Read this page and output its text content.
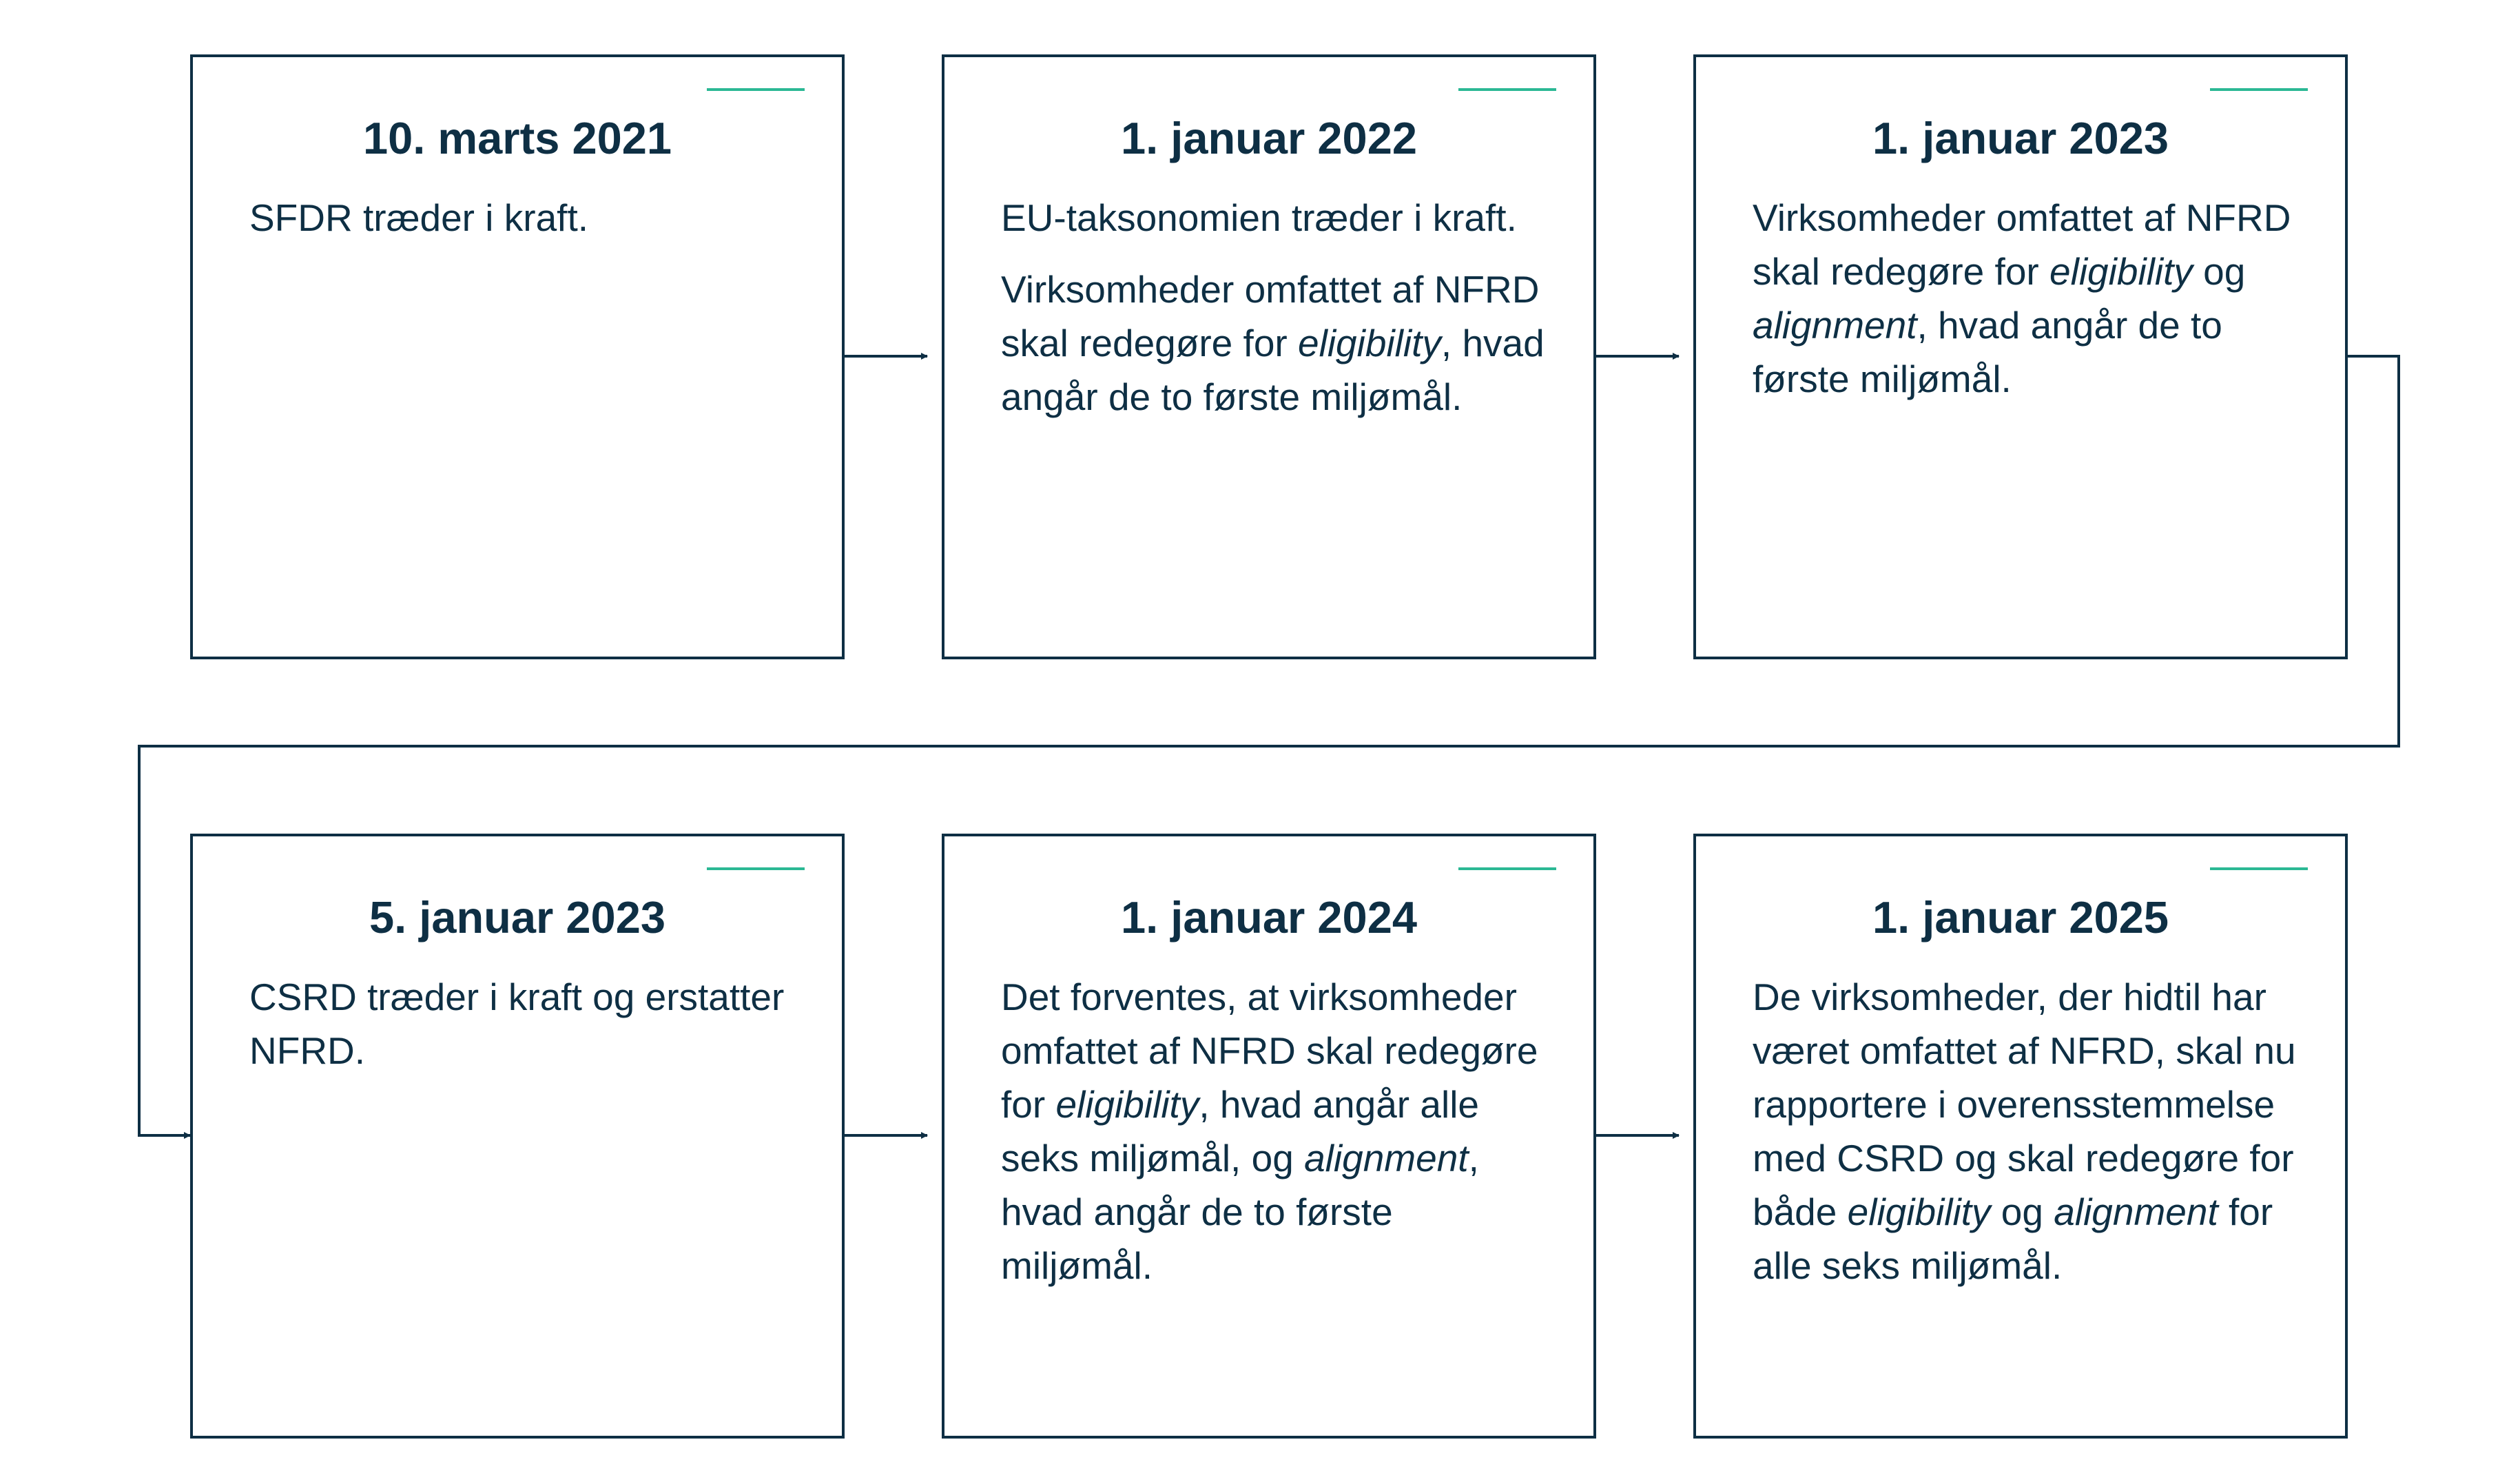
10. marts 2021

SFDR træder i kraft.

1. januar 2022

EU-taksonomien træder i kraft.

Virksomheder omfattet af NFRD skal redegøre for eligibility, hvad angår de to første miljømål.

1. januar 2023

Virksomheder omfattet af NFRD skal redegøre for eligibility og alignment, hvad angår de to første miljømål.

5. januar 2023

CSRD træder i kraft og erstatter NFRD.

1. januar 2024

Det forventes, at virksomheder omfattet af NFRD skal redegøre for eligibility, hvad angår alle seks miljømål, og alignment, hvad angår de to første miljømål.

1. januar 2025

De virksomheder, der hidtil har været omfattet af NFRD, skal nu rapportere i overensstemmelse med CSRD og skal redegøre for både eligibility og alignment for alle seks miljømål.
